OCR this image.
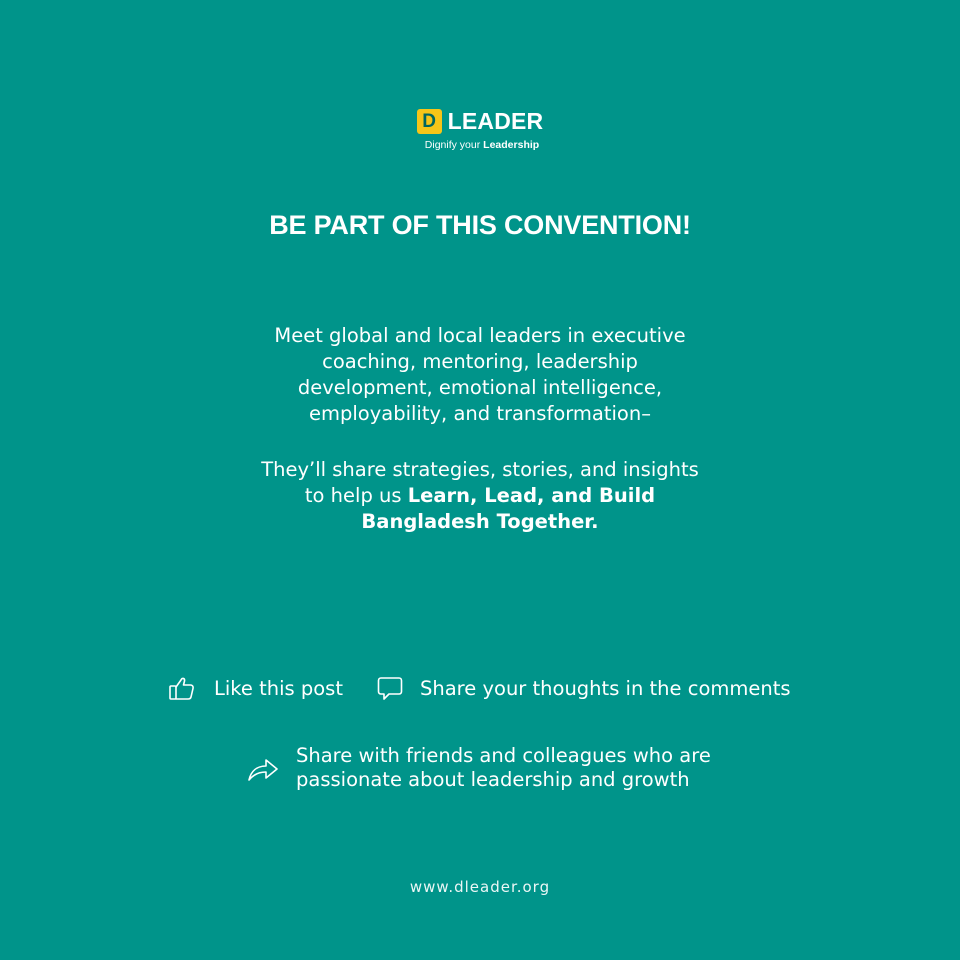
D LEADER
Dignify your Leadership
BE PART OF THIS CONVENTION!
Meet global and local leaders in executive
coaching, mentoring, leadership
development, emotional intelligence,
employability, and transformation–
They’ll share strategies, stories, and insights
to help us Learn, Lead, and Build
Bangladesh Together.
Like this post	Share your thoughts in the comments
Share with friends and colleagues who are
passionate about leadership and growth
www.dleader.org
